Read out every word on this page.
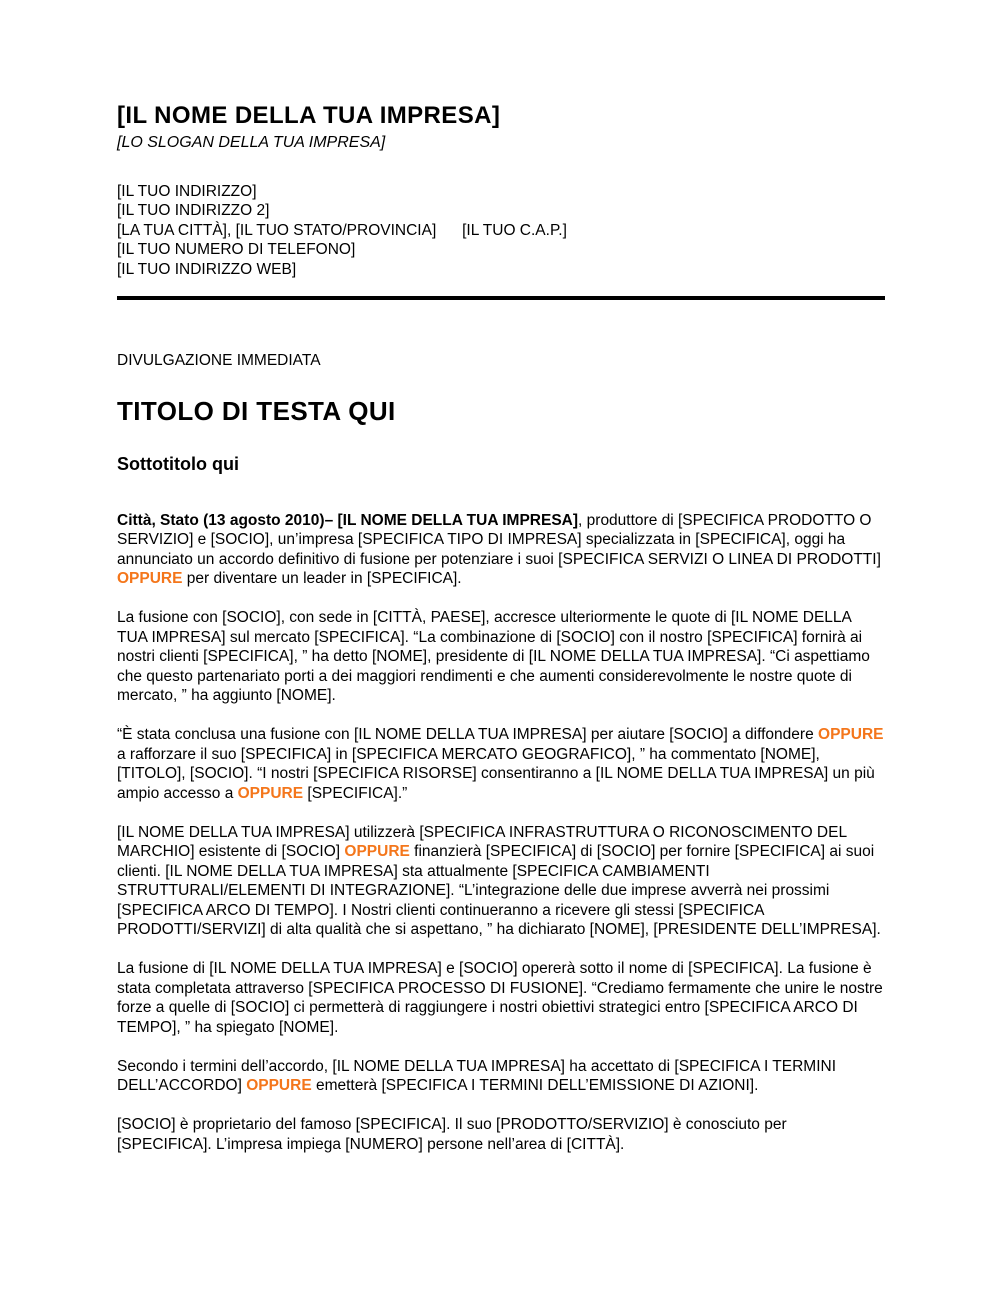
[IL NOME DELLA TUA IMPRESA]
[LO SLOGAN DELLA TUA IMPRESA]
[IL TUO INDIRIZZO]
[IL TUO INDIRIZZO 2]
[LA TUA CITTÀ], [IL TUO STATO/PROVINCIA]      [IL TUO C.A.P.]
[IL TUO NUMERO DI TELEFONO]
[IL TUO INDIRIZZO WEB]
DIVULGAZIONE IMMEDIATA
TITOLO DI TESTA QUI
Sottotitolo qui

Città, Stato (13 agosto 2010)– [IL NOME DELLA TUA IMPRESA], produttore di [SPECIFICA PRODOTTO O SERVIZIO] e [SOCIO], un’impresa [SPECIFICA TIPO DI IMPRESA] specializzata in [SPECIFICA], oggi ha annunciato un accordo definitivo di fusione per potenziare i suoi [SPECIFICA SERVIZI O LINEA DI PRODOTTI] OPPURE per diventare un leader in [SPECIFICA].

La fusione con [SOCIO], con sede in [CITTÀ, PAESE], accresce ulteriormente le quote di [IL NOME DELLA TUA IMPRESA] sul mercato [SPECIFICA]. “La combinazione di [SOCIO] con il nostro [SPECIFICA] fornirà ai nostri clienti [SPECIFICA], ” ha detto [NOME], presidente di [IL NOME DELLA TUA IMPRESA]. “Ci aspettiamo che questo partenariato porti a dei maggiori rendimenti e che aumenti considerevolmente le nostre quote di mercato, ” ha aggiunto [NOME].

“È stata conclusa una fusione con [IL NOME DELLA TUA IMPRESA] per aiutare [SOCIO] a diffondere OPPURE a rafforzare il suo [SPECIFICA] in [SPECIFICA MERCATO GEOGRAFICO], ” ha commentato [NOME], [TITOLO], [SOCIO]. “I nostri [SPECIFICA RISORSE] consentiranno a [IL NOME DELLA TUA IMPRESA] un più ampio accesso a OPPURE [SPECIFICA].”

[IL NOME DELLA TUA IMPRESA] utilizzerà [SPECIFICA INFRASTRUTTURA O RICONOSCIMENTO DEL MARCHIO] esistente di [SOCIO] OPPURE finanzierà [SPECIFICA] di [SOCIO] per fornire [SPECIFICA] ai suoi clienti. [IL NOME DELLA TUA IMPRESA] sta attualmente [SPECIFICA CAMBIAMENTI STRUTTURALI/ELEMENTI DI INTEGRAZIONE]. “L’integrazione delle due imprese avverrà nei prossimi [SPECIFICA ARCO DI TEMPO]. I Nostri clienti continueranno a ricevere gli stessi [SPECIFICA PRODOTTI/SERVIZI] di alta qualità che si aspettano, ” ha dichiarato [NOME], [PRESIDENTE DELL’IMPRESA].

La fusione di [IL NOME DELLA TUA IMPRESA] e [SOCIO] opererà sotto il nome di [SPECIFICA]. La fusione è stata completata attraverso [SPECIFICA PROCESSO DI FUSIONE]. “Crediamo fermamente che unire le nostre forze a quelle di [SOCIO] ci permetterà di raggiungere i nostri obiettivi strategici entro [SPECIFICA ARCO DI TEMPO], ” ha spiegato [NOME].

Secondo i termini dell’accordo, [IL NOME DELLA TUA IMPRESA] ha accettato di [SPECIFICA I TERMINI DELL’ACCORDO] OPPURE emetterà [SPECIFICA I TERMINI DELL’EMISSIONE DI AZIONI].

[SOCIO] è proprietario del famoso [SPECIFICA]. Il suo [PRODOTTO/SERVIZIO] è conosciuto per [SPECIFICA]. L’impresa impiega [NUMERO] persone nell’area di [CITTÀ].
